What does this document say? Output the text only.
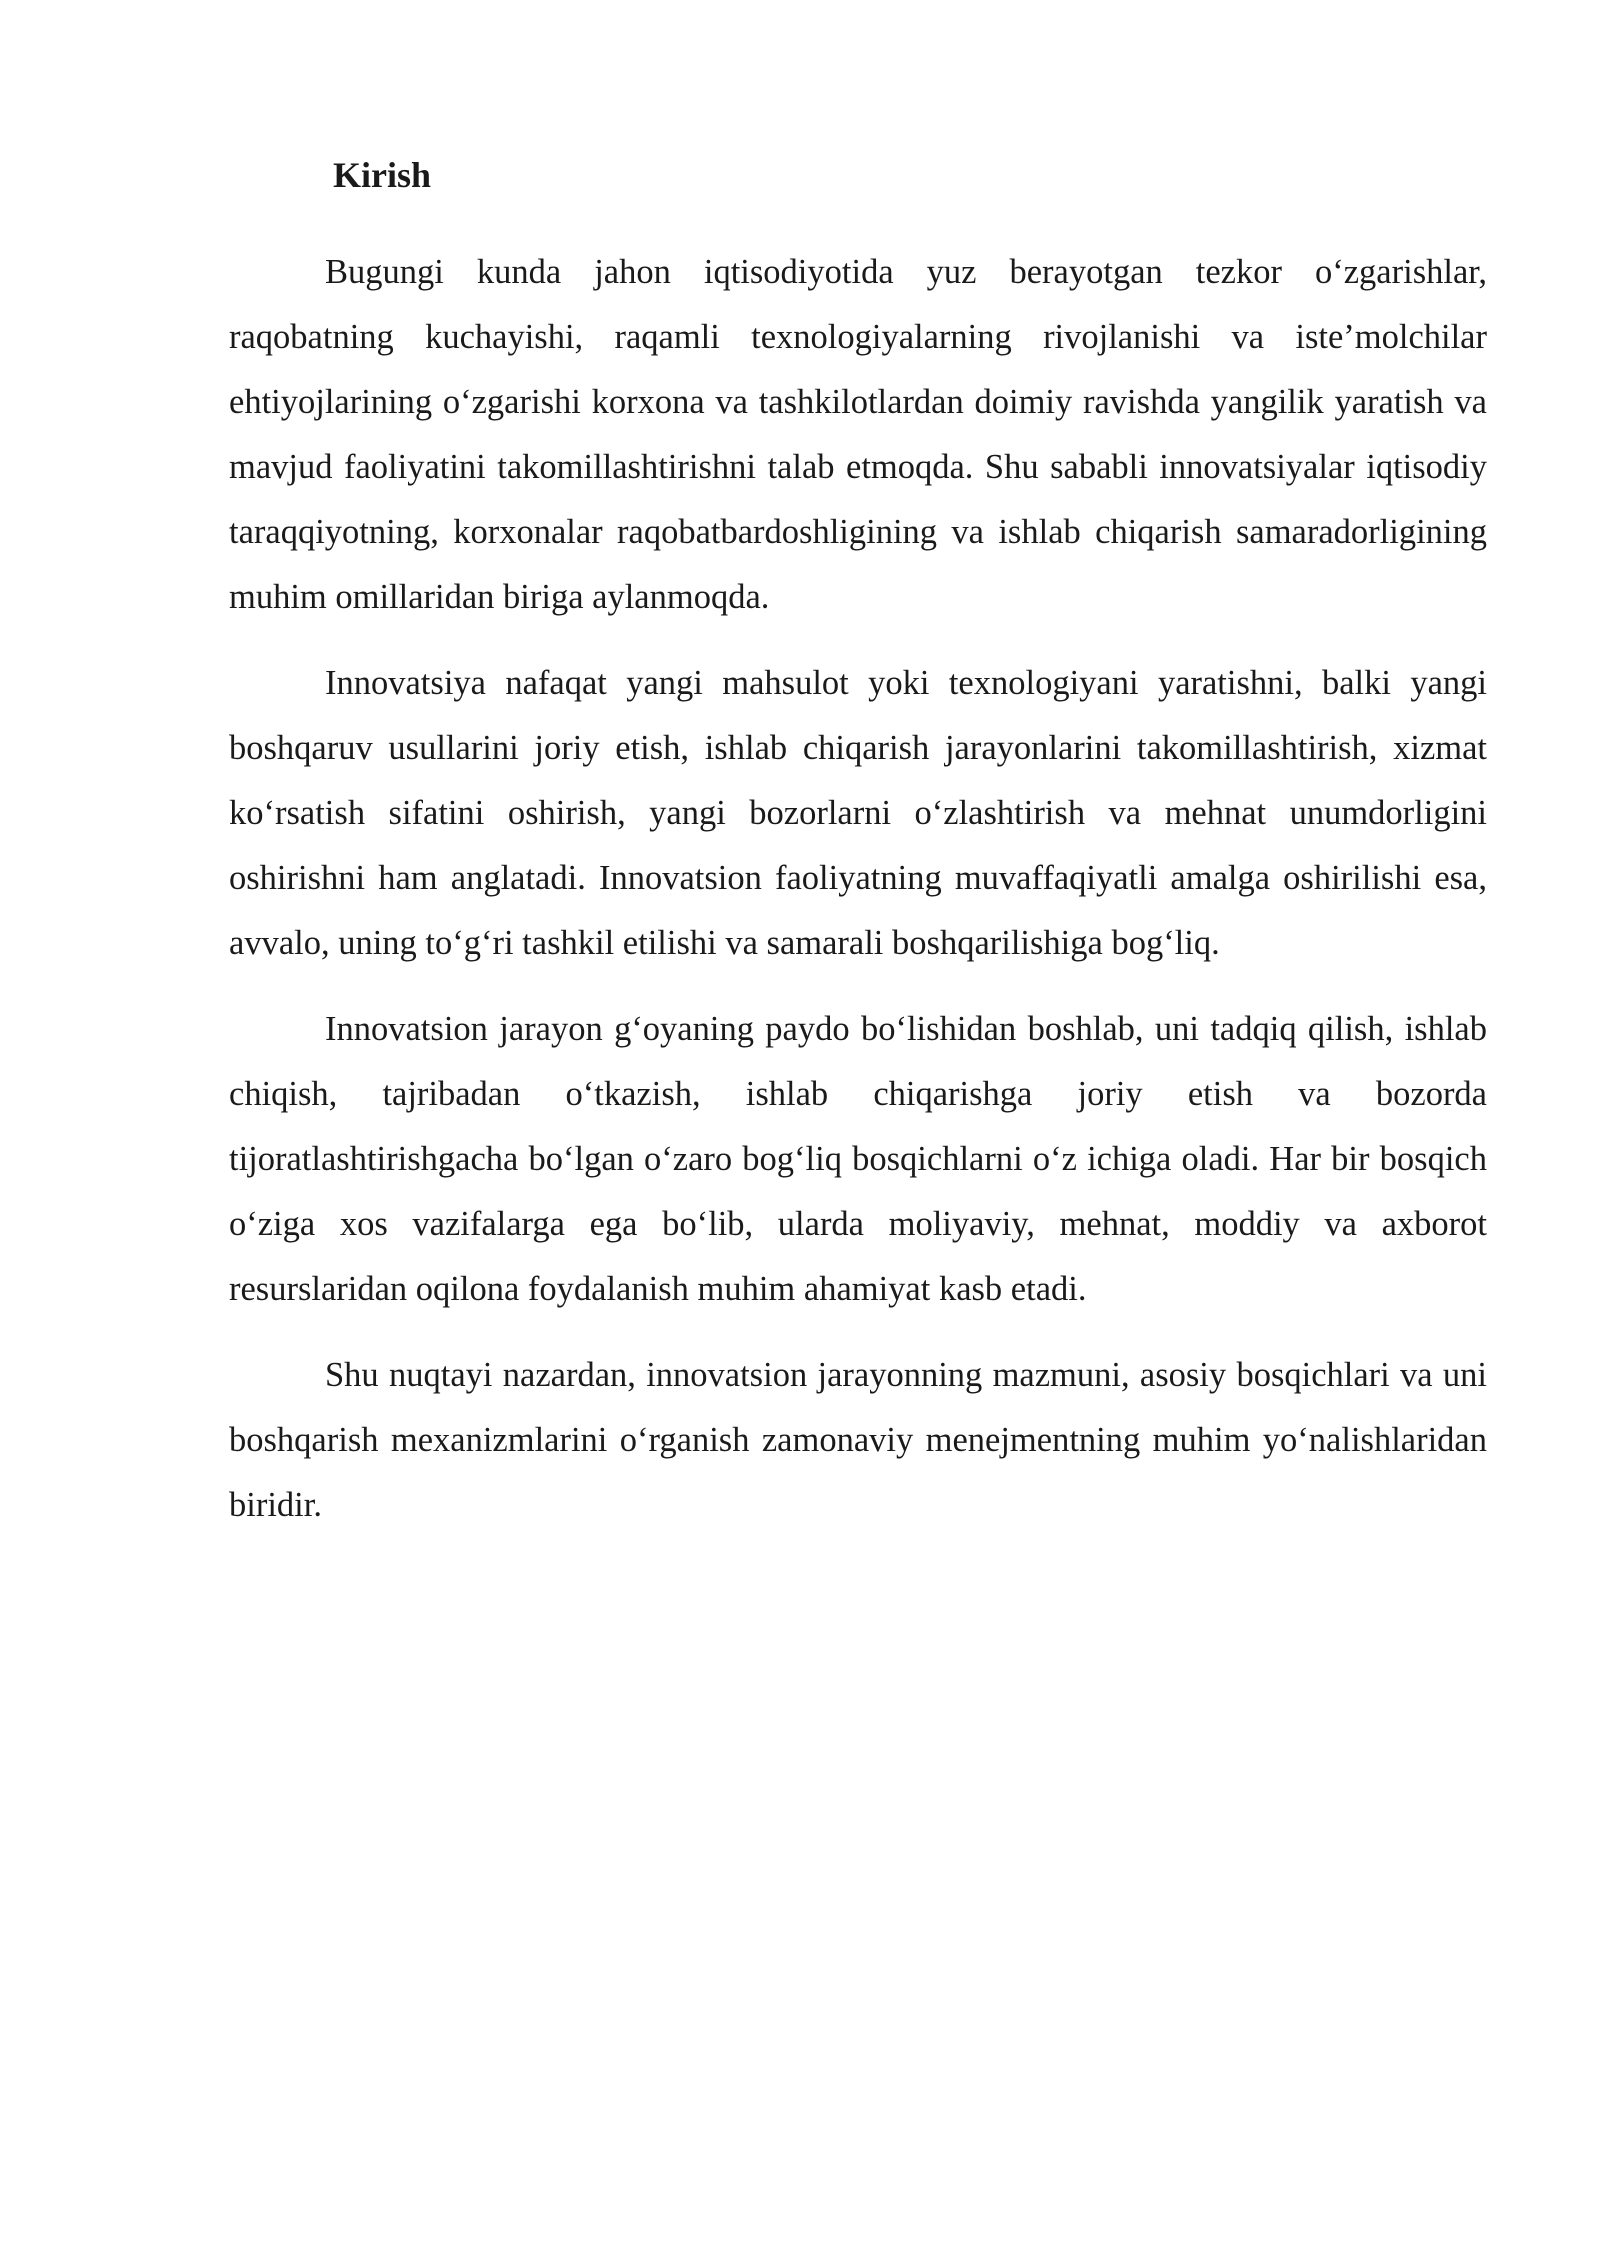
Kirish

Bugungi kunda jahon iqtisodiyotida yuz berayotgan tezkor o‘zgarishlar, raqobatning kuchayishi, raqamli texnologiyalarning rivojlanishi va iste’molchilar ehtiyojlarining o‘zgarishi korxona va tashkilotlardan doimiy ravishda yangilik yaratish va mavjud faoliyatini takomillashtirishni talab etmoqda. Shu sababli innovatsiyalar iqtisodiy taraqqiyotning, korxonalar raqobatbardoshligining va ishlab chiqarish samaradorligining muhim omillaridan biriga aylanmoqda.

Innovatsiya nafaqat yangi mahsulot yoki texnologiyani yaratishni, balki yangi boshqaruv usullarini joriy etish, ishlab chiqarish jarayonlarini takomillashtirish, xizmat ko‘rsatish sifatini oshirish, yangi bozorlarni o‘zlashtirish va mehnat unumdorligini oshirishni ham anglatadi. Innovatsion faoliyatning muvaffaqiyatli amalga oshirilishi esa, avvalo, uning to‘g‘ri tashkil etilishi va samarali boshqarilishiga bog‘liq.

Innovatsion jarayon g‘oyaning paydo bo‘lishidan boshlab, uni tadqiq qilish, ishlab chiqish, tajribadan o‘tkazish, ishlab chiqarishga joriy etish va bozorda tijoratlashtirishgacha bo‘lgan o‘zaro bog‘liq bosqichlarni o‘z ichiga oladi. Har bir bosqich o‘ziga xos vazifalarga ega bo‘lib, ularda moliyaviy, mehnat, moddiy va axborot resurslaridan oqilona foydalanish muhim ahamiyat kasb etadi.

Shu nuqtayi nazardan, innovatsion jarayonning mazmuni, asosiy bosqichlari va uni boshqarish mexanizmlarini o‘rganish zamonaviy menejmentning muhim yo‘nalishlaridan biridir.
